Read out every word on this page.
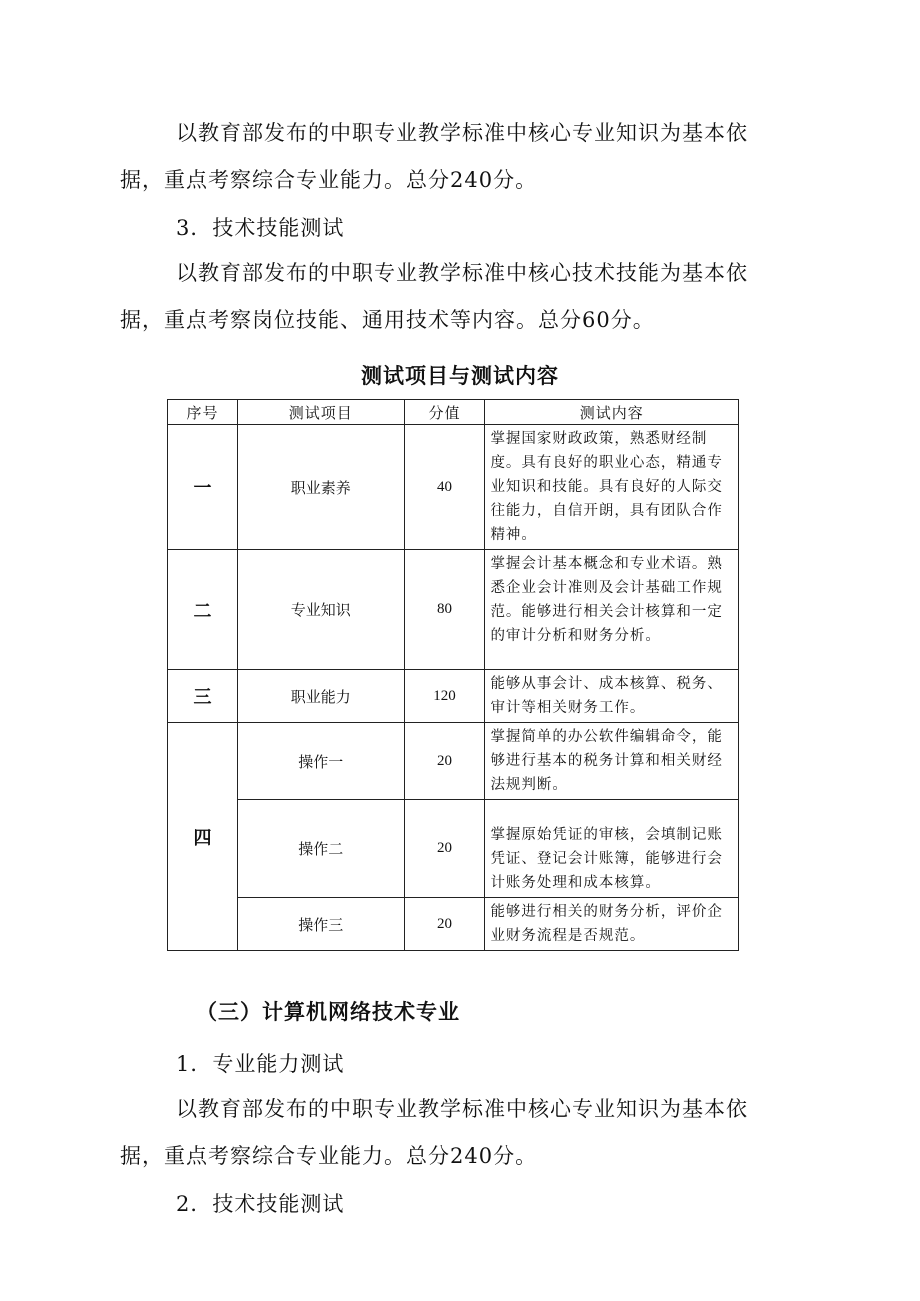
以教育部发布的中职专业教学标准中核心专业知识为基本依据，重点考察综合专业能力。总分240分。

3．技术技能测试

以教育部发布的中职专业教学标准中核心技术技能为基本依据，重点考察岗位技能、通用技术等内容。总分60分。

测试项目与测试内容

序号	测试项目	分值	测试内容
一	职业素养	40	掌握国家财政政策，熟悉财经制度。具有良好的职业心态，精通专业知识和技能。具有良好的人际交往能力，自信开朗，具有团队合作精神。
二	专业知识	80	掌握会计基本概念和专业术语。熟悉企业会计准则及会计基础工作规范。能够进行相关会计核算和一定的审计分析和财务分析。
三	职业能力	120	能够从事会计、成本核算、税务、审计等相关财务工作。
四	操作一	20	掌握简单的办公软件编辑命令，能够进行基本的税务计算和相关财经法规判断。
	操作二	20	掌握原始凭证的审核，会填制记账凭证、登记会计账簿，能够进行会计账务处理和成本核算。
	操作三	20	能够进行相关的财务分析，评价企业财务流程是否规范。

（三）计算机网络技术专业

1．专业能力测试

以教育部发布的中职专业教学标准中核心专业知识为基本依据，重点考察综合专业能力。总分240分。

2．技术技能测试
